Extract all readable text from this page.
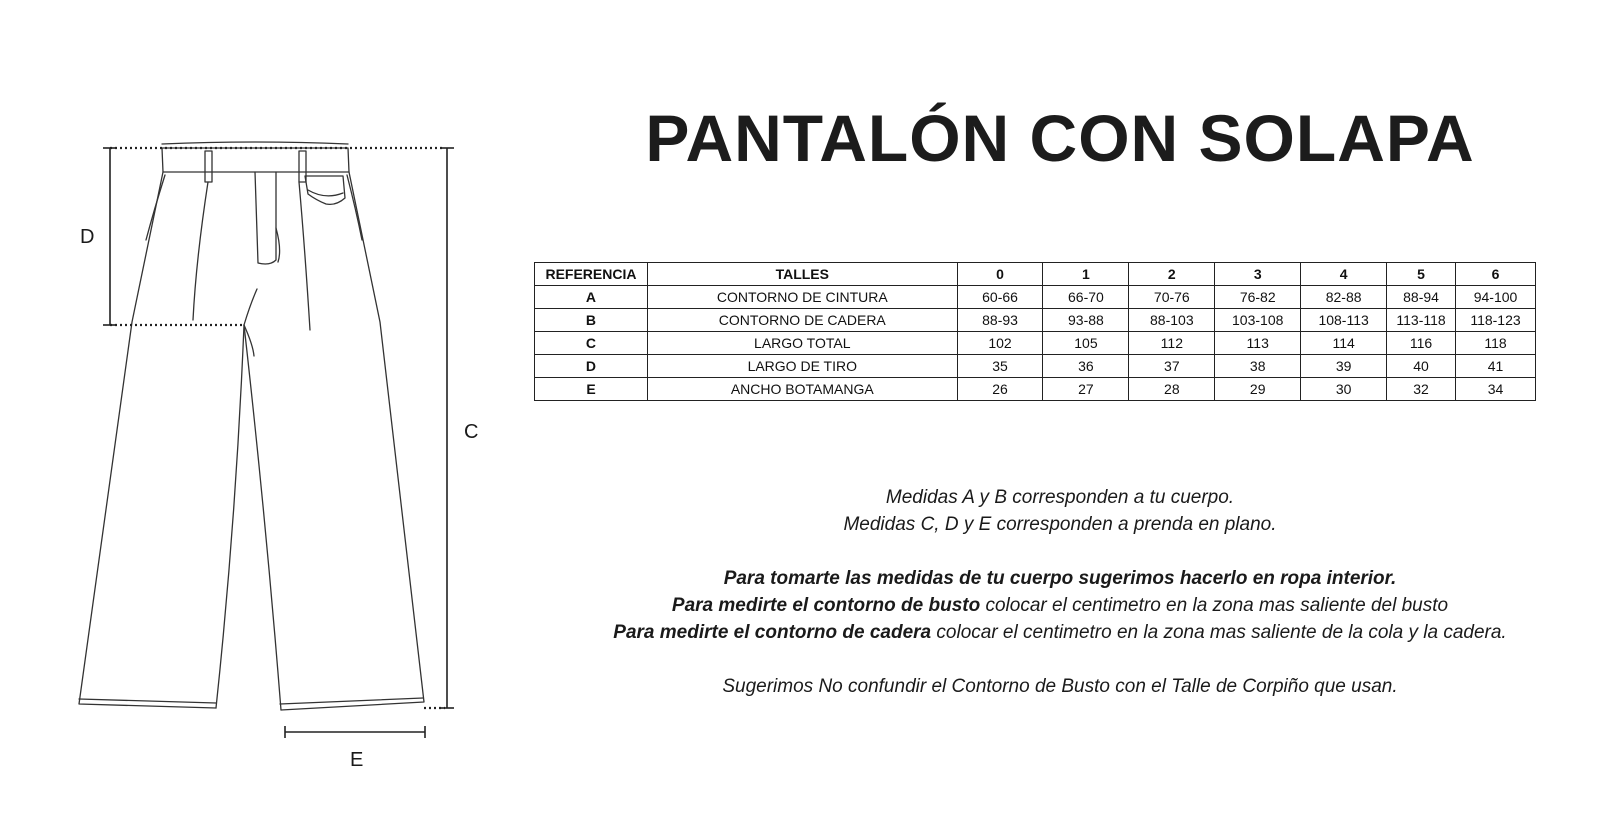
D
C
E
PANTALÓN CON SOLAPA
REFERENCIA	TALLES	0	1	2	3	4	5	6
A	CONTORNO DE CINTURA	60-66	66-70	70-76	76-82	82-88	88-94	94-100
B	CONTORNO DE CADERA	88-93	93-88	88-103	103-108	108-113	113-118	118-123
C	LARGO TOTAL	102	105	112	113	114	116	118
D	LARGO DE TIRO	35	36	37	38	39	40	41
E	ANCHO BOTAMANGA	26	27	28	29	30	32	34

Medidas A y B corresponden a tu cuerpo.

Medidas C, D y E corresponden a prenda en plano.

Para tomarte las medidas de tu cuerpo sugerimos hacerlo en ropa interior.

Para medirte el contorno de busto colocar el centimetro en la zona mas saliente del busto

Para medirte el contorno de cadera colocar el centimetro en la zona mas saliente de la cola y la cadera.

Sugerimos No confundir el Contorno de Busto con el Talle de Corpiño que usan.
